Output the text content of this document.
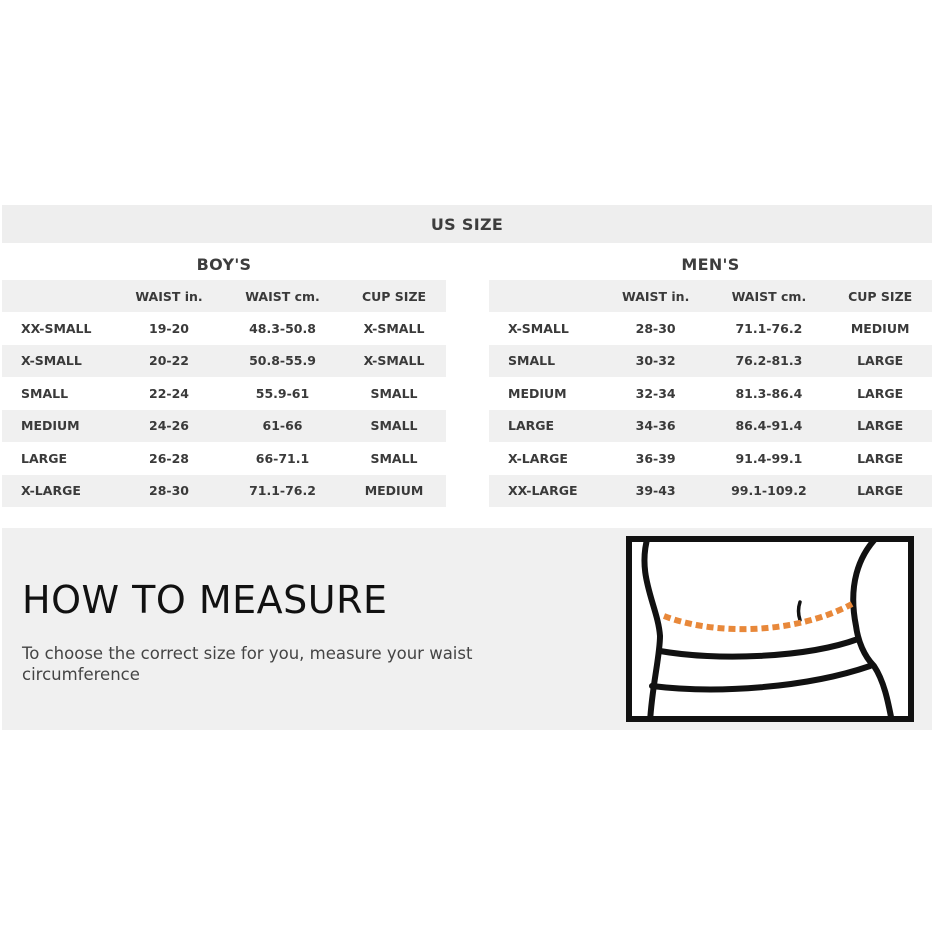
US SIZE
BOY'S
WAIST in.	WAIST cm.	CUP SIZE
XX-SMALL	19-20	48.3-50.8	X-SMALL
X-SMALL	20-22	50.8-55.9	X-SMALL
SMALL	22-24	55.9-61	SMALL
MEDIUM	24-26	61-66	SMALL
LARGE	26-28	66-71.1	SMALL
X-LARGE	28-30	71.1-76.2	MEDIUM
MEN'S
WAIST in.	WAIST cm.	CUP SIZE
X-SMALL	28-30	71.1-76.2	MEDIUM
SMALL	30-32	76.2-81.3	LARGE
MEDIUM	32-34	81.3-86.4	LARGE
LARGE	34-36	86.4-91.4	LARGE
X-LARGE	36-39	91.4-99.1	LARGE
XX-LARGE	39-43	99.1-109.2	LARGE
HOW TO MEASURE
To choose the correct size for you, measure your waist circumference
